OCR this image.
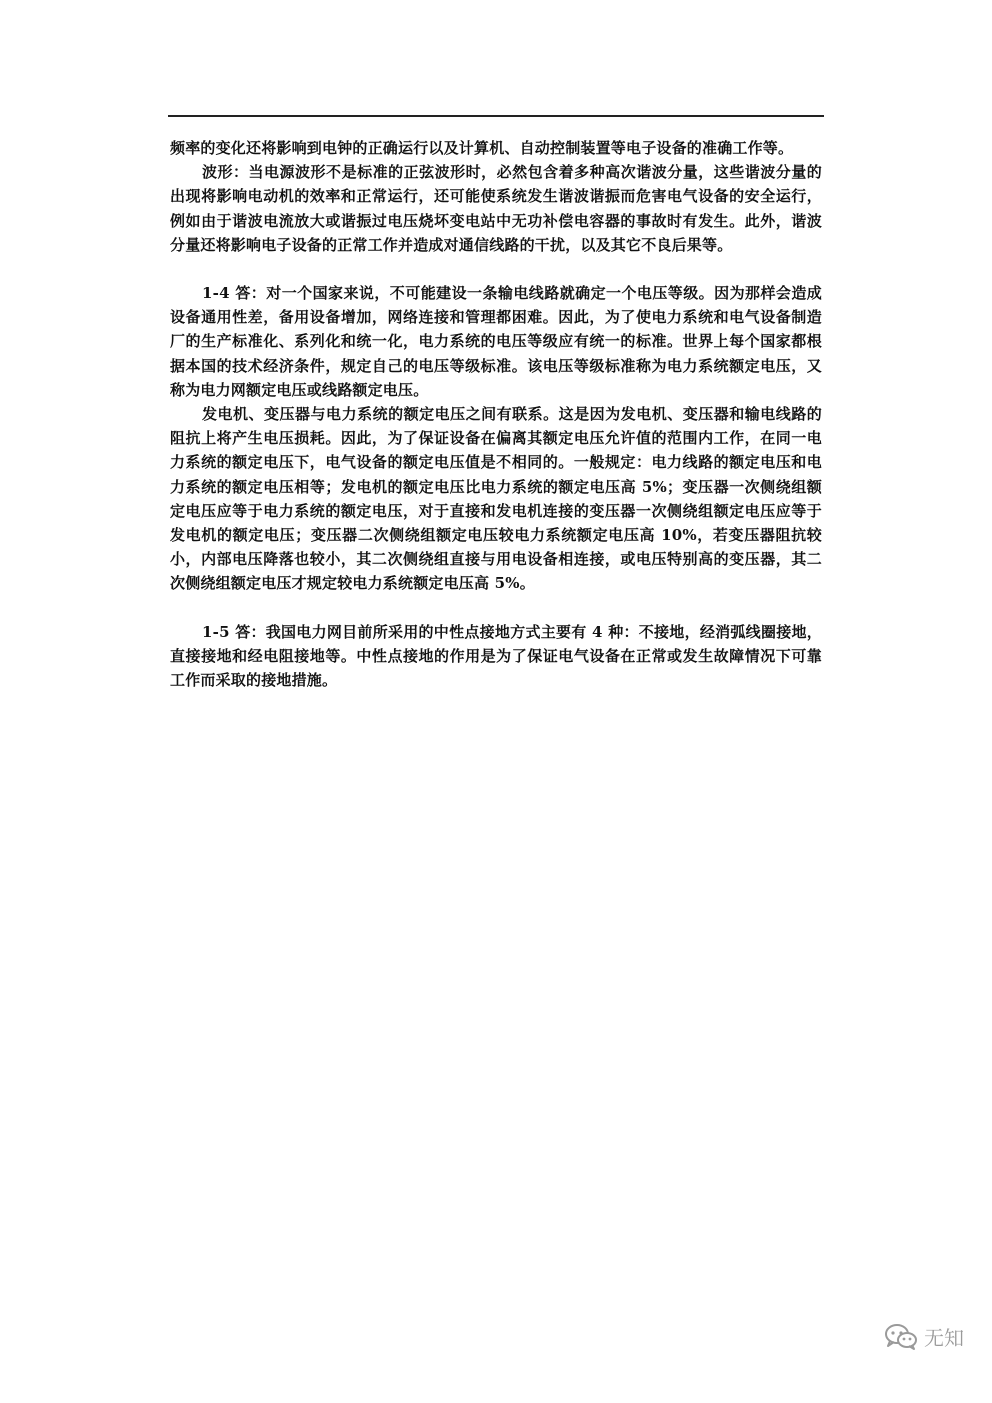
频率的变化还将影响到电钟的正确运行以及计算机、自动控制装置等电子设备的准确工作等。

波形：当电源波形不是标准的正弦波形时，必然包含着多种高次谐波分量，这些谐波分量的出现将影响电动机的效率和正常运行，还可能使系统发生谐波谐振而危害电气设备的安全运行，例如由于谐波电流放大或谐振过电压烧坏变电站中无功补偿电容器的事故时有发生。此外，谐波分量还将影响电子设备的正常工作并造成对通信线路的干扰，以及其它不良后果等。

1-4 答：对一个国家来说，不可能建设一条输电线路就确定一个电压等级。因为那样会造成设备通用性差，备用设备增加，网络连接和管理都困难。因此，为了使电力系统和电气设备制造厂的生产标准化、系列化和统一化，电力系统的电压等级应有统一的标准。世界上每个国家都根据本国的技术经济条件，规定自己的电压等级标准。该电压等级标准称为电力系统额定电压，又称为电力网额定电压或线路额定电压。

发电机、变压器与电力系统的额定电压之间有联系。这是因为发电机、变压器和输电线路的阻抗上将产生电压损耗。因此，为了保证设备在偏离其额定电压允许值的范围内工作，在同一电力系统的额定电压下，电气设备的额定电压值是不相同的。一般规定：电力线路的额定电压和电力系统的额定电压相等；发电机的额定电压比电力系统的额定电压高 5%；变压器一次侧绕组额定电压应等于电力系统的额定电压，对于直接和发电机连接的变压器一次侧绕组额定电压应等于发电机的额定电压；变压器二次侧绕组额定电压较电力系统额定电压高 10%，若变压器阻抗较小，内部电压降落也较小，其二次侧绕组直接与用电设备相连接，或电压特别高的变压器，其二次侧绕组额定电压才规定较电力系统额定电压高 5%。

1-5 答：我国电力网目前所采用的中性点接地方式主要有 4 种：不接地，经消弧线圈接地，直接接地和经电阻接地等。中性点接地的作用是为了保证电气设备在正常或发生故障情况下可靠工作而采取的接地措施。

无知
